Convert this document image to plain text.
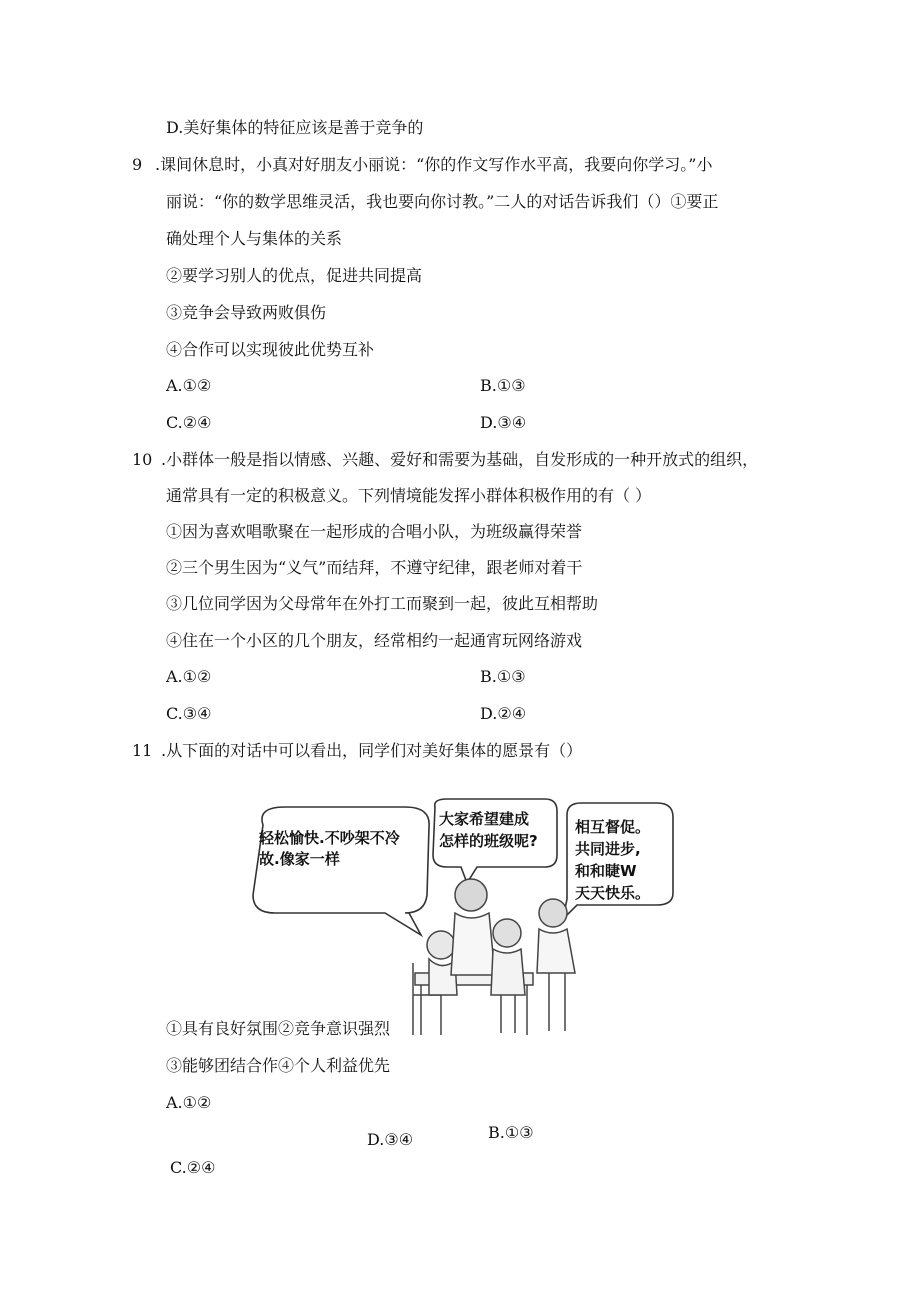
D.美好集体的特征应该是善于竞争的
9 .课间休息时，小真对好朋友小丽说：“你的作文写作水平高，我要向你学习。”小
丽说：“你的数学思维灵活，我也要向你讨教。”二人的对话告诉我们（）①要正
确处理个人与集体的关系
②要学习别人的优点，促进共同提高
③竞争会导致两败俱伤
④合作可以实现彼此优势互补
A.①②	B.①③
C.②④	D.③④
10 .小群体一般是指以情感、兴趣、爱好和需要为基础，自发形成的一种开放式的组织，
通常具有一定的积极意义。下列情境能发挥小群体积极作用的有（ ）
①因为喜欢唱歌聚在一起形成的合唱小队，为班级赢得荣誉
②三个男生因为“义气”而结拜，不遵守纪律，跟老师对着干
③几位同学因为父母常年在外打工而聚到一起，彼此互相帮助
④住在一个小区的几个朋友，经常相约一起通宵玩网络游戏
A.①②	B.①③
C.③④	D.②④
11 .从下面的对话中可以看出，同学们对美好集体的愿景有（）
轻松愉快.不吵架不冷
故.像家一样
大家希望建成
怎样的班级呢?
相互督促。
共同进步,
和和睫W
天天快乐。
①具有良好氛围②竞争意识强烈
③能够团结合作④个人利益优先
A.①②
D.③④	B.①③
C.②④
